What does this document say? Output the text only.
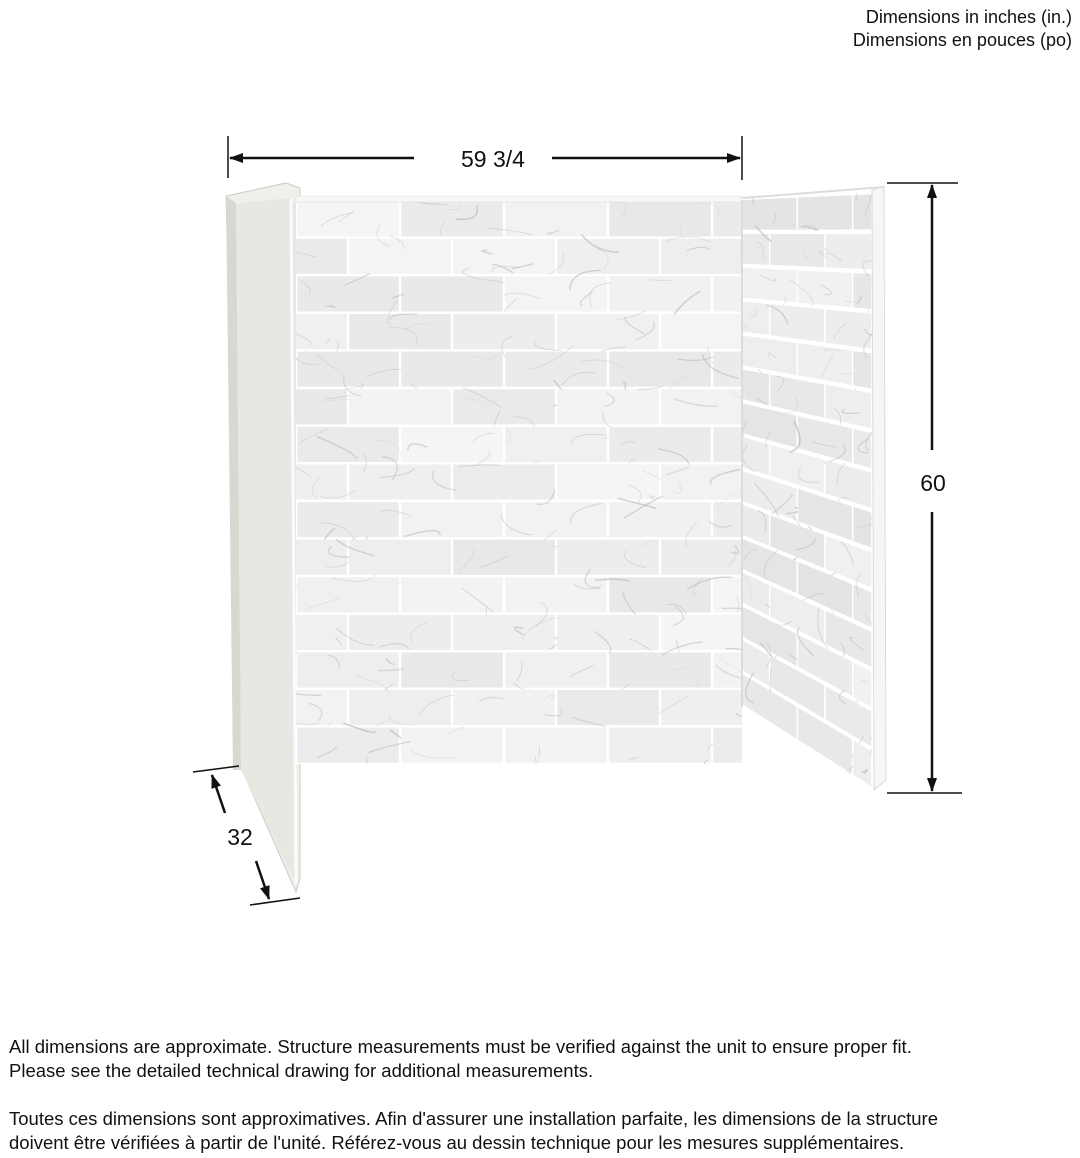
Dimensions in inches (in.)
Dimensions en pouces (po)
59 3/4
60
32

All dimensions are approximate. Structure measurements must be verified against the unit to ensure proper fit.
Please see the detailed technical drawing for additional measurements.

Toutes ces dimensions sont approximatives. Afin d'assurer une installation parfaite, les dimensions de la structure
doivent être vérifiées à partir de l'unité. Référez-vous au dessin technique pour les mesures supplémentaires.
